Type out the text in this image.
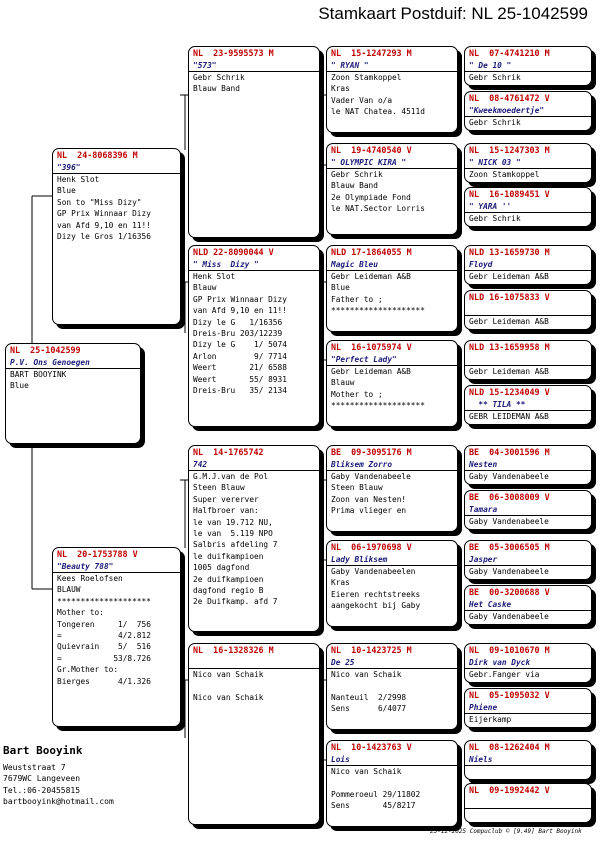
Stamkaart Postduif: NL 25-1042599
NL  25-1042599
P.V. Ons Genoegen
BART BOOYINK
Blue
NL  24-8068396 M
"396"
Henk Slot
Blue
Son to "Miss Dizy"
GP Prix Winnaar Dizy
van Afd 9,10 en 11!!
Dizy le Gros 1/16356
NL  20-1753788 V
"Beauty 788"
Kees Roelofsen
BLAUW
********************
Mother to:
Tongeren     1/  756
=            4/2.812
Quievrain    5/  516
=           53/8.726
Gr.Mother to:
Bierges      4/1.326
NL  23-9595573 M
"573"
Gebr Schrik
Blauw Band
NLD 22-8090044 V
" Miss  Dizy "
Henk Slot
Blauw
GP Prix Winnaar Dizy
van Afd 9,10 en 11!!
Dizy le G   1/16356
Dreis-Bru 203/12239
Dizy le G    1/ 5074
Arlon        9/ 7714
Weert       21/ 6588
Weert       55/ 8931
Dreis-Bru   35/ 2134
NL  14-1765742
742
G.M.J.van de Pol
Steen Blauw
Super vererver
Halfbroer van:
le van 19.712 NU,
le van  5.119 NPO
Salbris afdeling 7
le duifkampioen
1005 dagfond
2e duifkampioen
dagfond regio B
2e Duifkamp. afd 7
NL  16-1328326 M
Nico van Schaik
Nico van Schaik
NL  15-1247293 M
" RYAN "
Zoon Stamkoppel
Kras
Vader Van o/a
le NAT Chatea. 4511d
NL  19-4740540 V
" OLYMPIC KIRA "
Gebr Schrik
Blauw Band
2e Olympiade Fond
le NAT.Sector Lorris
NLD 17-1864055 M
Magic Bleu
Gebr Leideman A&B
Blue
Father to ;
********************
NL  16-1075974 V
"Perfect Lady"
Gebr Leideman A&B
Blauw
Mother to ;
********************
BE  09-3095176 M
Bliksem Zorro
Gaby Vandenabeele
Steen Blauw
Zoon van Nesten!
Prima vlieger en
NL  06-1970698 V
Lady Bliksem
Gaby Vandenabeelen
Kras
Eieren rechtstreeks
aangekocht bij Gaby
NL  10-1423725 M
De 25
Nico van Schaik
Nanteuil  2/2998
Sens      6/4077
NL  10-1423763 V
Lois
Nico van Schaik
Pommeroeul 29/11802
Sens       45/8217
NL  07-4741210 M
" De 10 "
Gebr Schrik
NL  08-4761472 V
"Kweekmoedertje"
Gebr Schrik
NL  15-1247303 M
" NICK 03 "
Zoon Stamkoppel
NL  16-1089451 V
" YARA ''
Gebr Schrik
NLD 13-1659730 M
Floyd
Gebr Leideman A&B
NLD 16-1075833 V
Gebr Leideman A&B
NLD 13-1659958 M
Gebr Leideman A&B
NLD 15-1234049 V
** TILA **
GEBR LEIDEMAN A&B
BE  04-3001596 M
Nesten
Gaby Vandenabeele
BE  06-3008009 V
Tamara
Gaby Vandenabeele
BE  05-3006505 M
Jasper
Gaby Vandenabeele
BE  00-3200688 V
Het Caske
Gaby Vandenabeele
NL  09-1010670 M
Dirk van Dyck
Gebr.Fanger via
NL  05-1095032 V
Phiene
Eijerkamp
NL  08-1262404 M
Niels
NL  09-1992442 V
Bart Booyink
Weuststraat 7
7679WC Langeveen
Tel.:06-20455815
bartbooyink@hotmail.com
25-12-2025 Compuclub © [9.49] Bart Booyink
